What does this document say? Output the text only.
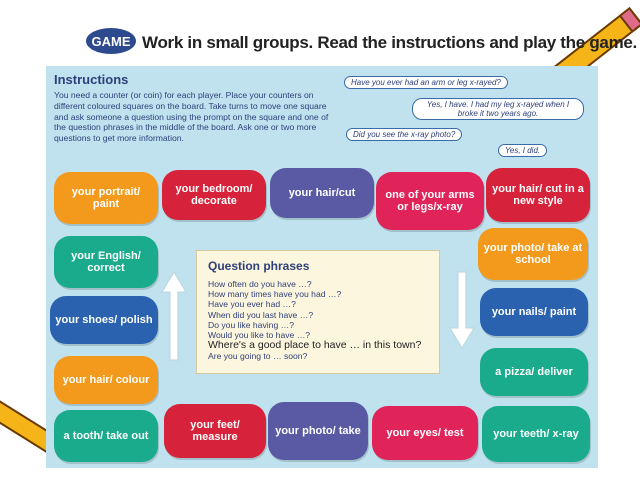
GAME Work in small groups. Read the instructions and play the game.
Instructions
You need a counter (or coin) for each player. Place your counters on different coloured squares on the board. Take turns to move one square and ask someone a question using the prompt on the square and one of the question phrases in the middle of the board. Ask one or two more questions to get more information.
Have you ever had an arm or leg x-rayed?
Yes, I have. I had my leg x-rayed when I broke it two years ago.
Did you see the x-ray photo?
Yes, I did.
your portrait/ paint
your bedroom/ decorate
your hair/cut	one of your arms or legs/x-ray
your hair/ cut in a new style
your English/ correct
your shoes/ polish
your hair/ colour
a tooth/ take out
your photo/ take at school
your nails/ paint
a pizza/ deliver
your teeth/ x-ray
your feet/ measure	your photo/ take	your eyes/ test
Question phrases
How often do you have …?
How many times have you had …?
Have you ever had …?
When did you last have …?
Do you like having …?
Would you like to have …?
Where's a good place to have … in this town?
Are you going to … soon?
